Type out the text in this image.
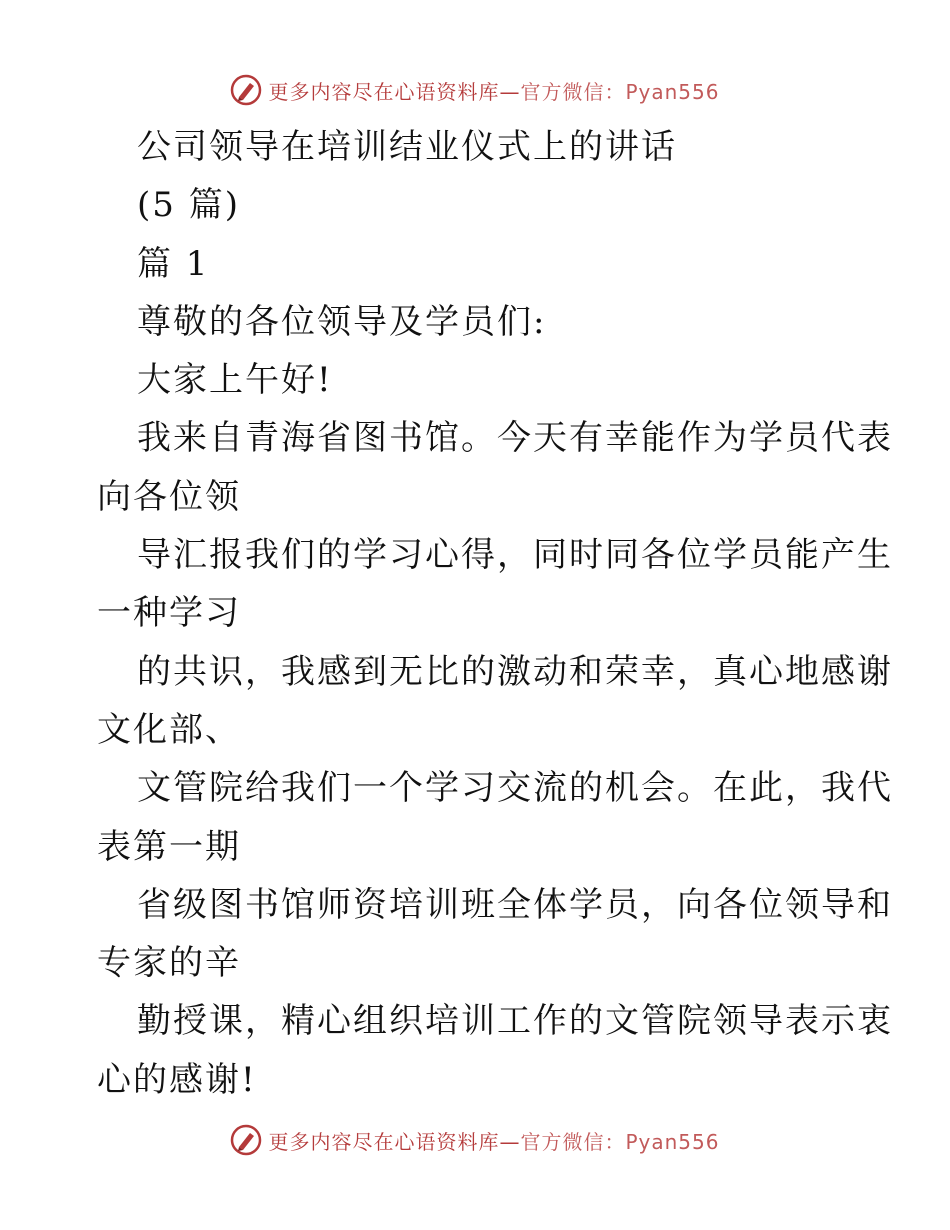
更多内容尽在心语资料库—官方微信：Pyan556
公司领导在培训结业仪式上的讲话
(5 篇)
篇 1
尊敬的各位领导及学员们:
大家上午好!
我来自青海省图书馆。今天有幸能作为学员代表
向各位领
导汇报我们的学习心得，同时同各位学员能产生
一种学习
的共识，我感到无比的激动和荣幸，真心地感谢
文化部、
文管院给我们一个学习交流的机会。在此，我代
表第一期
省级图书馆师资培训班全体学员，向各位领导和
专家的辛
勤授课，精心组织培训工作的文管院领导表示衷
心的感谢!
更多内容尽在心语资料库—官方微信：Pyan556
